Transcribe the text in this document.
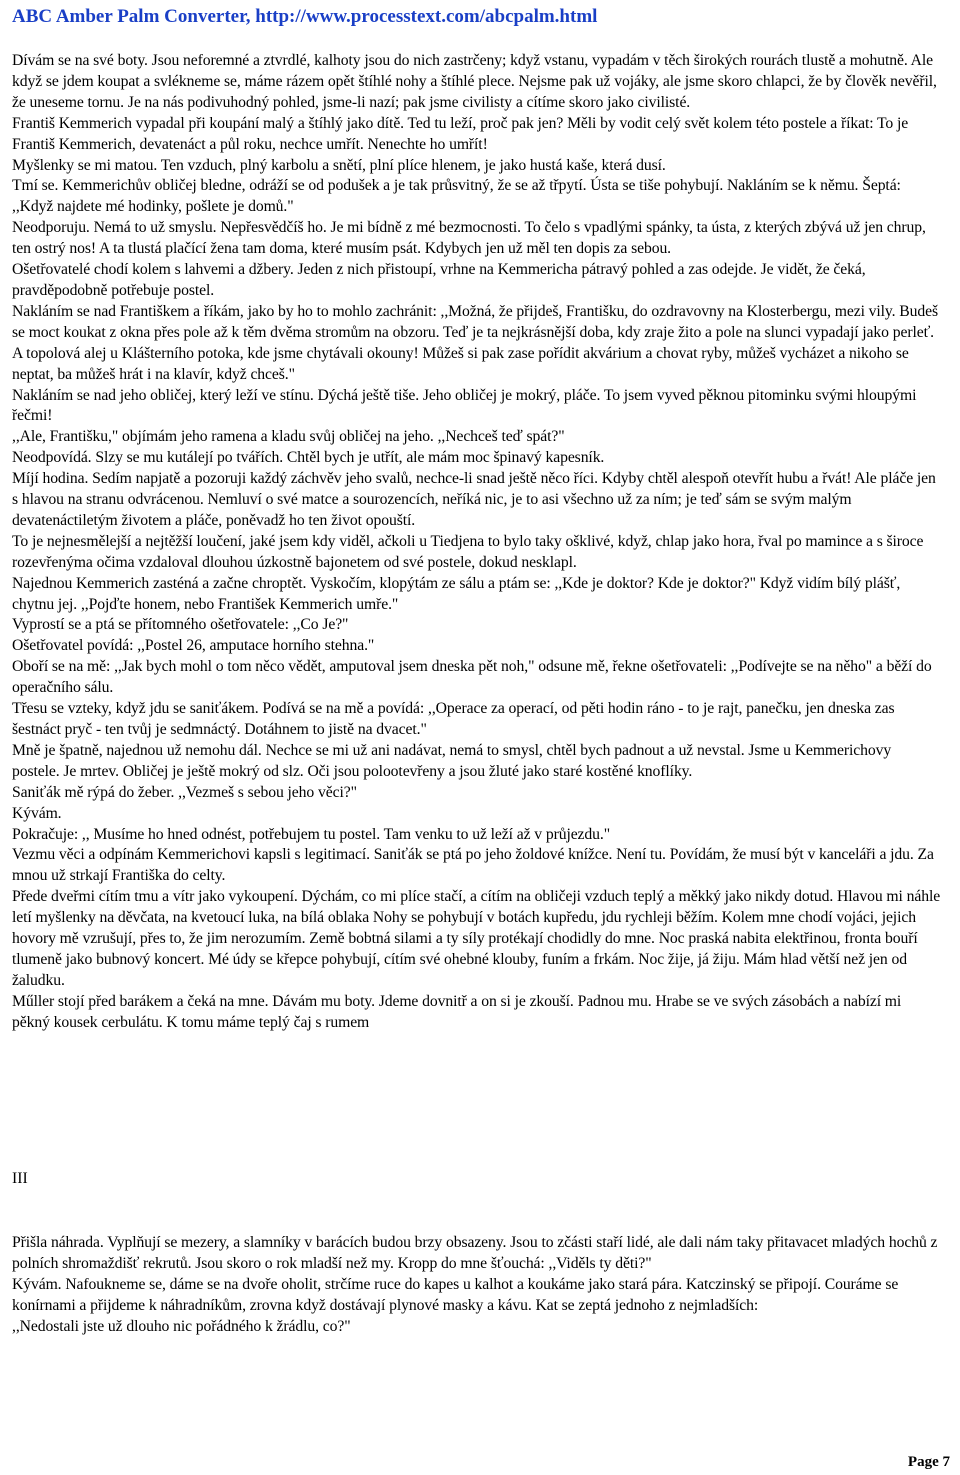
ABC Amber Palm Converter, http://www.processtext.com/abcpalm.html

Dívám se na své boty. Jsou neforemné a ztvrdlé, kalhoty jsou do nich zastrčeny; když vstanu, vypadám v těch širokých rourách tlustě a mohutně. Ale když se jdem koupat a svlékneme se, máme rázem opět štíhlé nohy a štíhlé plece. Nejsme pak už vojáky, ale jsme skoro chlapci, že by člověk nevěřil, že uneseme tornu. Je na nás podivuhodný pohled, jsme-li nazí; pak jsme civilisty a cítíme skoro jako civilisté.

Františ Kemmerich vypadal při koupání malý a štíhlý jako dítě. Ted tu leží, proč pak jen? Měli by vodit celý svět kolem této postele a říkat: To je Františ Kemmerich, devatenáct a půl roku, nechce umřít. Nenechte ho umřít!

Myšlenky se mi matou. Ten vzduch, plný karbolu a snětí, plní plíce hlenem, je jako hustá kaše, která dusí.

Tmí se. Kemmerichův obličej bledne, odráží se od podušek a je tak průsvitný, že se až třpytí. Ústa se tiše pohybují. Nakláním se k němu. Šeptá: ,,Když najdete mé hodinky, pošlete je domů."

Neodporuju. Nemá to už smyslu. Nepřesvědčíš ho. Je mi bídně z mé bezmocnosti. To čelo s vpadlými spánky, ta ústa, z kterých zbývá už jen chrup, ten ostrý nos! A ta tlustá plačící žena tam doma, které musím psát. Kdybych jen už měl ten dopis za sebou.

Ošetřovatelé chodí kolem s lahvemi a džbery. Jeden z nich přistoupí, vrhne na Kemmericha pátravý pohled a zas odejde. Je vidět, že čeká, pravděpodobně potřebuje postel.

Nakláním se nad Františkem a říkám, jako by ho to mohlo zachránit: ,,Možná, že přijdeš, Františku, do ozdravovny na Klosterbergu, mezi vily. Budeš se moct koukat z okna přes pole až k těm dvěma stromům na obzoru. Teď je ta nejkrásnější doba, kdy zraje žito a pole na slunci vypadají jako perleť. A topolová alej u Klášterního potoka, kde jsme chytávali okouny! Můžeš si pak zase pořídit akvárium a chovat ryby, můžeš vycházet a nikoho se neptat, ba můžeš hrát i na klavír, když chceš."

Nakláním se nad jeho obličej, který leží ve stínu. Dýchá ještě tiše. Jeho obličej je mokrý, pláče. To jsem vyved pěknou pitominku svými hloupými řečmi!

,,Ale, Františku," objímám jeho ramena a kladu svůj obličej na jeho. ,,Nechceš teď spát?"

Neodpovídá. Slzy se mu kutálejí po tvářích. Chtěl bych je utřít, ale mám moc špinavý kapesník.

Míjí hodina. Sedím napjatě a pozoruji každý záchvěv jeho svalů, nechce-li snad ještě něco říci. Kdyby chtěl alespoň otevřít hubu a řvát! Ale pláče jen s hlavou na stranu odvrácenou. Nemluví o své matce a sourozencích, neříká nic, je to asi všechno už za ním; je teď sám se svým malým devatenáctiletým životem a pláče, poněvadž ho ten život opouští.

To je nejnesmělejší a nejtěžší loučení, jaké jsem kdy viděl, ačkoli u Tiedjena to bylo taky ošklivé, když, chlap jako hora, řval po mamince a s široce rozevřenýma očima vzdaloval dlouhou úzkostně bajonetem od své postele, dokud nesklapl.

Najednou Kemmerich zasténá a začne chroptět. Vyskočím, klopýtám ze sálu a ptám se: ,,Kde je doktor? Kde je doktor?" Když vidím bílý plášť, chytnu jej. ,,Pojďte honem, nebo František Kemmerich umře."

Vyprostí se a ptá se přítomného ošetřovatele: ,,Co Je?"

Ošetřovatel povídá: ,,Postel 26, amputace horního stehna."

Oboří se na mě: ,,Jak bych mohl o tom něco vědět, amputoval jsem dneska pět noh," odsune mě, řekne ošetřovateli: ,,Podívejte se na něho" a běží do operačního sálu.

Třesu se vzteky, když jdu se saniťákem. Podívá se na mě a povídá: ,,Operace za operací, od pěti hodin ráno - to je rajt, panečku, jen dneska zas šestnáct pryč - ten tvůj je sedmnáctý. Dotáhnem to jistě na dvacet."

Mně je špatně, najednou už nemohu dál. Nechce se mi už ani nadávat, nemá to smysl, chtěl bych padnout a už nevstal. Jsme u Kemmerichovy postele. Je mrtev. Obličej je ještě mokrý od slz. Oči jsou polootevřeny a jsou žluté jako staré kostěné knoflíky.

Saniťák mě rýpá do žeber. ,,Vezmeš s sebou jeho věci?"

Kývám.

Pokračuje: ,, Musíme ho hned odnést, potřebujem tu postel. Tam venku to už leží až v průjezdu."

Vezmu věci a odpínám Kemmerichovi kapsli s legitimací. Saniťák se ptá po jeho žoldové knížce. Není tu. Povídám, že musí být v kanceláři a jdu. Za mnou už strkají Františka do celty.

Přede dveřmi cítím tmu a vítr jako vykoupení. Dýchám, co mi plíce stačí, a cítím na obličeji vzduch teplý a měkký jako nikdy dotud. Hlavou mi náhle letí myšlenky na děvčata, na kvetoucí luka, na bílá oblaka Nohy se pohybují v botách kupředu, jdu rychleji běžím. Kolem mne chodí vojáci, jejich hovory mě vzrušují, přes to, že jim nerozumím. Země bobtná silami a ty síly protékají chodidly do mne. Noc praská nabita elektřinou, fronta bouří tlumeně jako bubnový koncert. Mé údy se křepce pohybují, cítím své ohebné klouby, funím a frkám. Noc žije, já žiju. Mám hlad větší než jen od žaludku.

Műller stojí před barákem a čeká na mne. Dávám mu boty. Jdeme dovnitř a on si je zkouší. Padnou mu. Hrabe se ve svých zásobách a nabízí mi pěkný kousek cerbulátu. K tomu máme teplý čaj s rumem

III

Přišla náhrada. Vyplňují se mezery, a slamníky v barácích budou brzy obsazeny. Jsou to zčásti staří lidé, ale dali nám taky přitavacet mladých hochů z polních shromaždišť rekrutů. Jsou skoro o rok mladší než my. Kropp do mne šťouchá: ,,Viděls ty děti?"

Kývám. Nafoukneme se, dáme se na dvoře oholit, strčíme ruce do kapes u kalhot a koukáme jako stará pára. Katczinský se připojí. Couráme se konírnami a přijdeme k náhradníkům, zrovna když dostávají plynové masky a kávu. Kat se zeptá jednoho z nejmladších:

,,Nedostali jste už dlouho nic pořádného k žrádlu, co?"

Page 7
